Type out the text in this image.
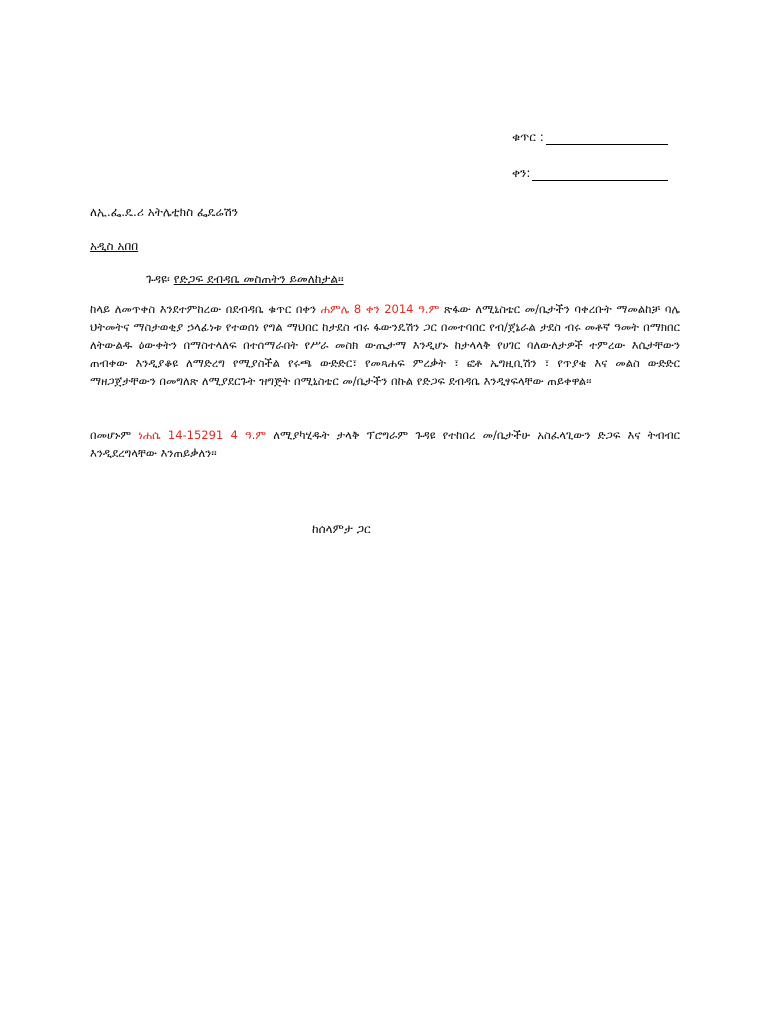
ቁጥር :
ቀን:
ለኢ.ፌ.ዴ.ሪ አትሌቲክስ ፌዴሬሽን
አዲስ አበበ
ጉዳዩ፡ የድጋፍ ደብዳቤ መስጠትን ይመለከታል፡፡

ከላይ ለመጥቀስ እንደተምከረው በደብዳቤ ቁጥር በቀን ሐምሌ 8 ቀን 2014 ዓ.ም ጽፋው ለሚኒስቴር መ/ቤታችን ባቀረቡት ማመልከቻ ባሌ ህትመትና ማስታወቂያ ኃላፊነቱ የተወሰነ የግል ማህበር ከታደስ ብሩ ፋውንዴሽን ጋር በመተባበር የብ/ጀኔራል ታደስ ብሩ መቶኛ ዓመት በማክበር ለትውልዱ ዕውቀትን በማስተላለፍ በተሰማራበት የሥራ መስክ ውጤታማ እንዲሆኑ ከታላላቅ የሀገር ባለውለታዎች ተምረው እሴታቸውን ጠብቀው እንዲያቆዩ ለማድረግ የሚያስችል የሩጫ ውድድር፣ የመጻሐፍ ምረቃት ፣ ፎቶ ኤግዚቢሽን ፣ የጥያቄ እና መልስ ውድድር ማዘጋጀታቸውን በመግለጽ ለሚያደርጉት ዝግጅት በሚኒስቴር መ/ቤታችን በኩል የድጋፍ ደብዳቤ እንዲፃፍላቸው ጠይቀዋል፡፡

በመሆኑም ነሐሴ 14-15291 4 ዓ.ም ለሚያካሂዱት ታላቅ ፕሮግራም ጉዳዩ የተከበረ መ/ቤታችሁ አስፈላጊውን ድጋፍ እና ትብብር እንዲደረግላቸው እንጠይቃለን፡፡

ከሰላምታ ጋር
